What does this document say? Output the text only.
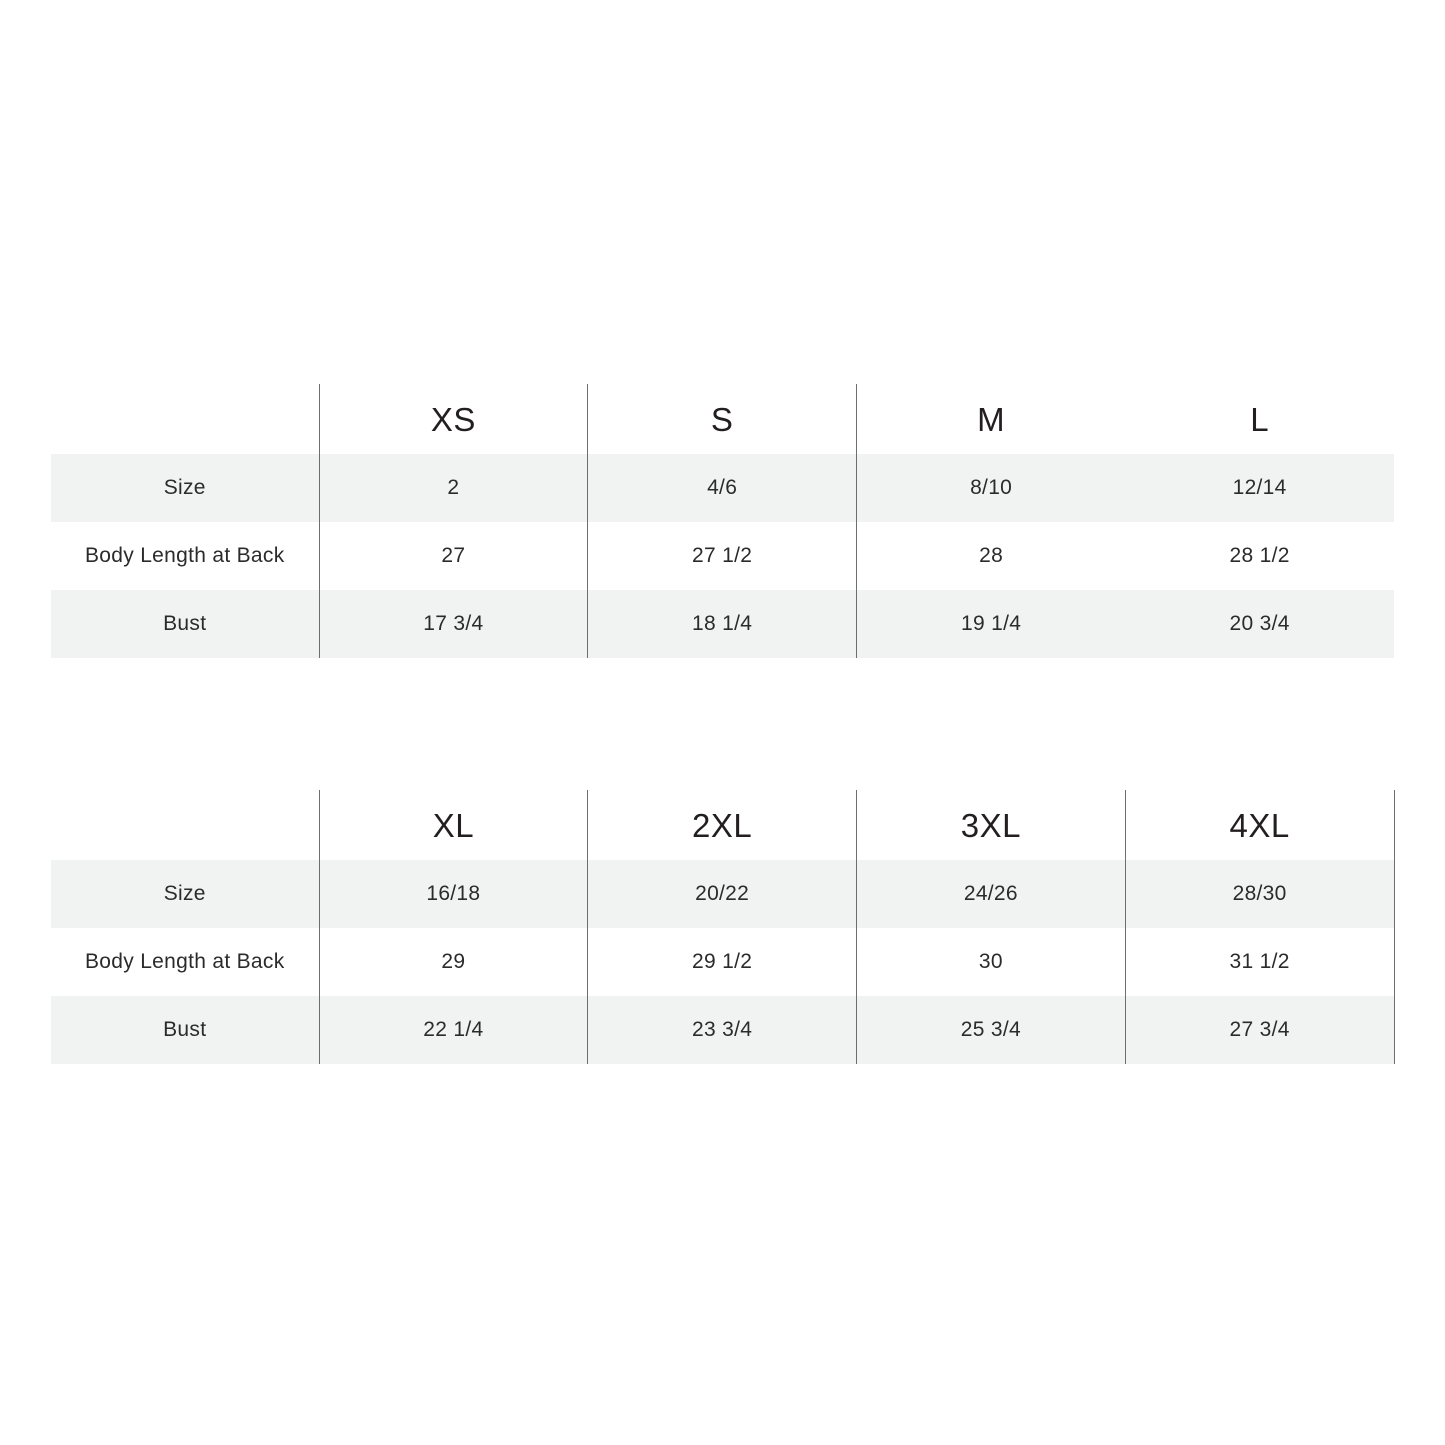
	XS	S	M	L
Size	2	4/6	8/10	12/14
Body Length at Back	27	27 1/2	28	28 1/2
Bust	17 3/4	18 1/4	19 1/4	20 3/4
	XL	2XL	3XL	4XL
Size	16/18	20/22	24/26	28/30
Body Length at Back	29	29 1/2	30	31 1/2
Bust	22 1/4	23 3/4	25 3/4	27 3/4
